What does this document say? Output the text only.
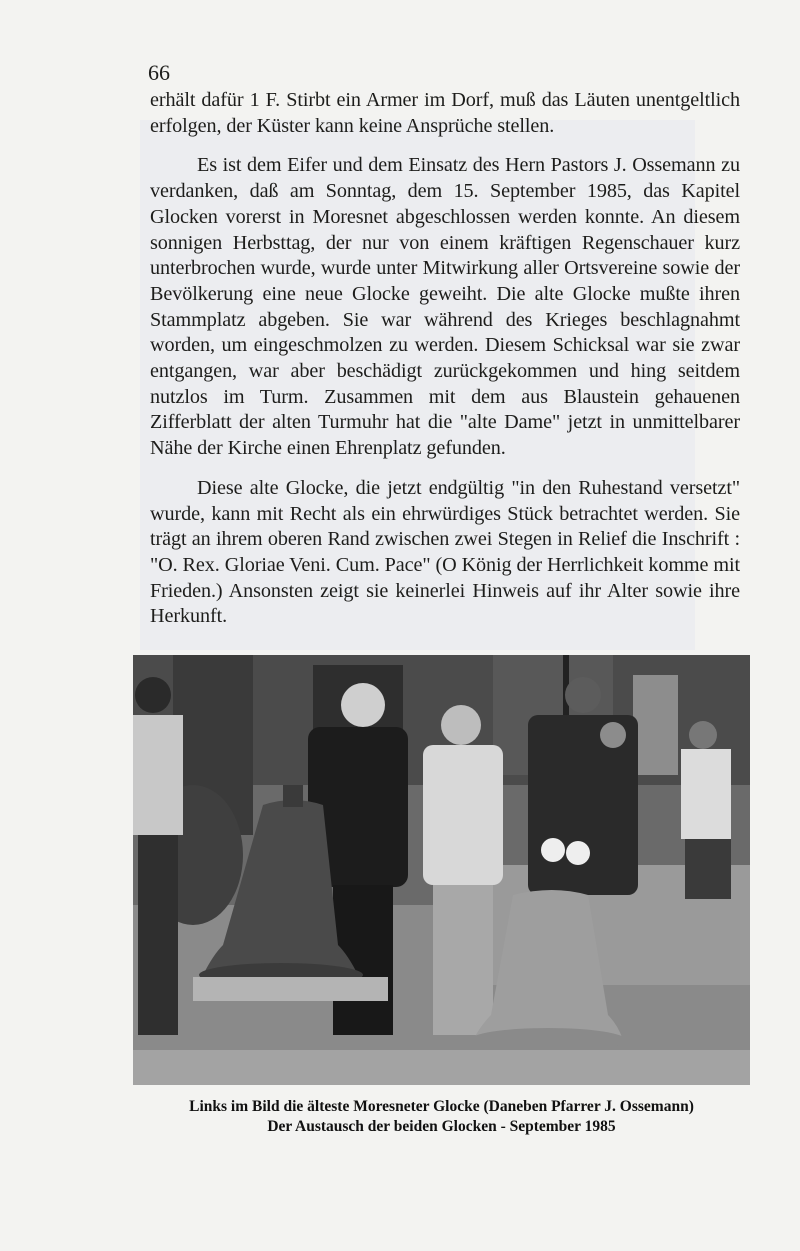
66

erhält dafür 1 F. Stirbt ein Armer im Dorf, muß das Läuten unentgeltlich erfolgen, der Küster kann keine Ansprüche stellen.

Es ist dem Eifer und dem Einsatz des Hern Pastors J. Ossemann zu verdanken, daß am Sonntag, dem 15. September 1985, das Kapitel Glocken vorerst in Moresnet abgeschlossen werden konnte. An diesem sonnigen Herbsttag, der nur von einem kräftigen Regenschauer kurz unterbrochen wurde, wurde unter Mitwirkung aller Ortsvereine sowie der Bevölkerung eine neue Glocke geweiht. Die alte Glocke mußte ihren Stammplatz abgeben. Sie war während des Krieges beschlagnahmt worden, um eingeschmolzen zu werden. Diesem Schicksal war sie zwar entgangen, war aber beschädigt zurückgekommen und hing seitdem nutzlos im Turm. Zusammen mit dem aus Blaustein gehauenen Zifferblatt der alten Turmuhr hat die "alte Dame" jetzt in unmittelbarer Nähe der Kirche einen Ehrenplatz gefunden.

Diese alte Glocke, die jetzt endgültig "in den Ruhestand versetzt" wurde, kann mit Recht als ein ehrwürdiges Stück betrachtet werden. Sie trägt an ihrem oberen Rand zwischen zwei Stegen in Relief die Inschrift : "O. Rex. Gloriae Veni. Cum. Pace" (O König der Herrlichkeit komme mit Frieden.) Ansonsten zeigt sie keinerlei Hinweis auf ihr Alter sowie ihre Herkunft.

Links im Bild die älteste Moresneter Glocke (Daneben Pfarrer J. Ossemann)
Der Austausch der beiden Glocken - September 1985
